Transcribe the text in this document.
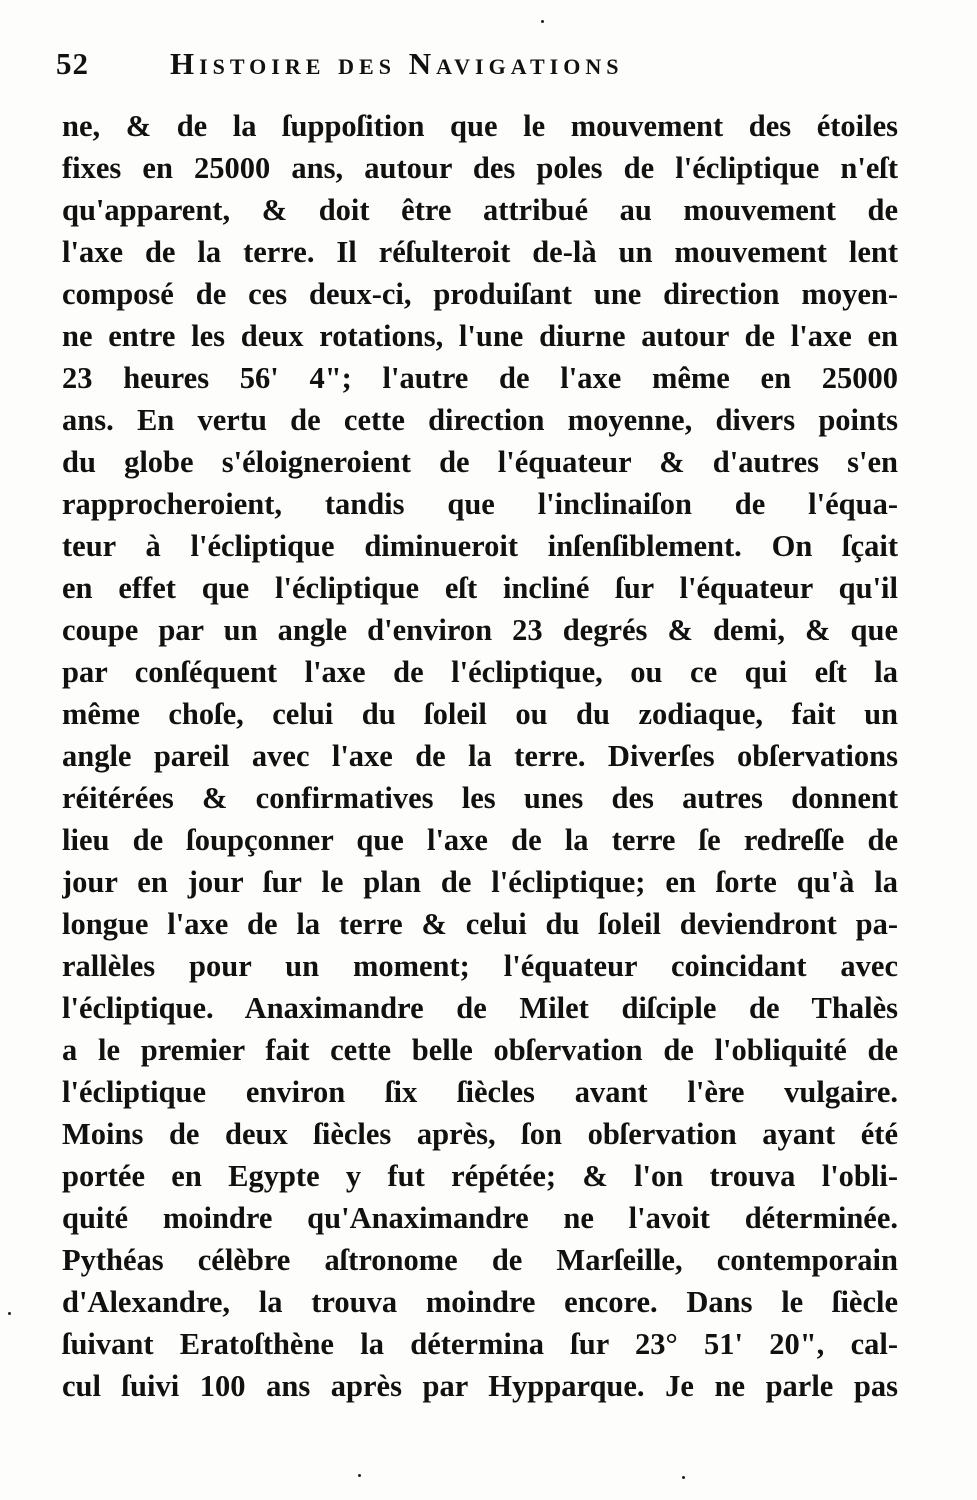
52	Histoire des Navigations
ne, & de la ſuppoſition que le mouvement des étoiles
fixes en 25000 ans, autour des poles de l'écliptique n'eſt
qu'apparent, & doit être attribué au mouvement de
l'axe de la terre. Il réſulteroit de-là un mouvement lent
composé de ces deux-ci, produiſant une direction moyen-
ne entre les deux rotations, l'une diurne autour de l'axe en
23 heures 56' 4"; l'autre de l'axe même en 25000
ans. En vertu de cette direction moyenne, divers points
du globe s'éloigneroient de l'équateur & d'autres s'en
rapprocheroient, tandis que l'inclinaiſon de l'équa-
teur à l'écliptique diminueroit inſenſiblement. On ſçait
en effet que l'écliptique eſt incliné ſur l'équateur qu'il
coupe par un angle d'environ 23 degrés & demi, & que
par conſéquent l'axe de l'écliptique, ou ce qui eſt la
même choſe, celui du ſoleil ou du zodiaque, fait un
angle pareil avec l'axe de la terre. Diverſes obſervations
réitérées & confirmatives les unes des autres donnent
lieu de ſoupçonner que l'axe de la terre ſe redreſſe de
jour en jour ſur le plan de l'écliptique; en ſorte qu'à la
longue l'axe de la terre & celui du ſoleil deviendront pa-
rallèles pour un moment; l'équateur coincidant avec
l'écliptique. Anaximandre de Milet diſciple de Thalès
a le premier fait cette belle obſervation de l'obliquité de
l'écliptique environ ſix ſiècles avant l'ère vulgaire.
Moins de deux ſiècles après, ſon obſervation ayant été
portée en Egypte y fut répétée; & l'on trouva l'obli-
quité moindre qu'Anaximandre ne l'avoit déterminée.
Pythéas célèbre aſtronome de Marſeille, contemporain
d'Alexandre, la trouva moindre encore. Dans le ſiècle
ſuivant Eratoſthène la détermina ſur 23° 51' 20", cal-
cul ſuivi 100 ans après par Hypparque. Je ne parle pas
